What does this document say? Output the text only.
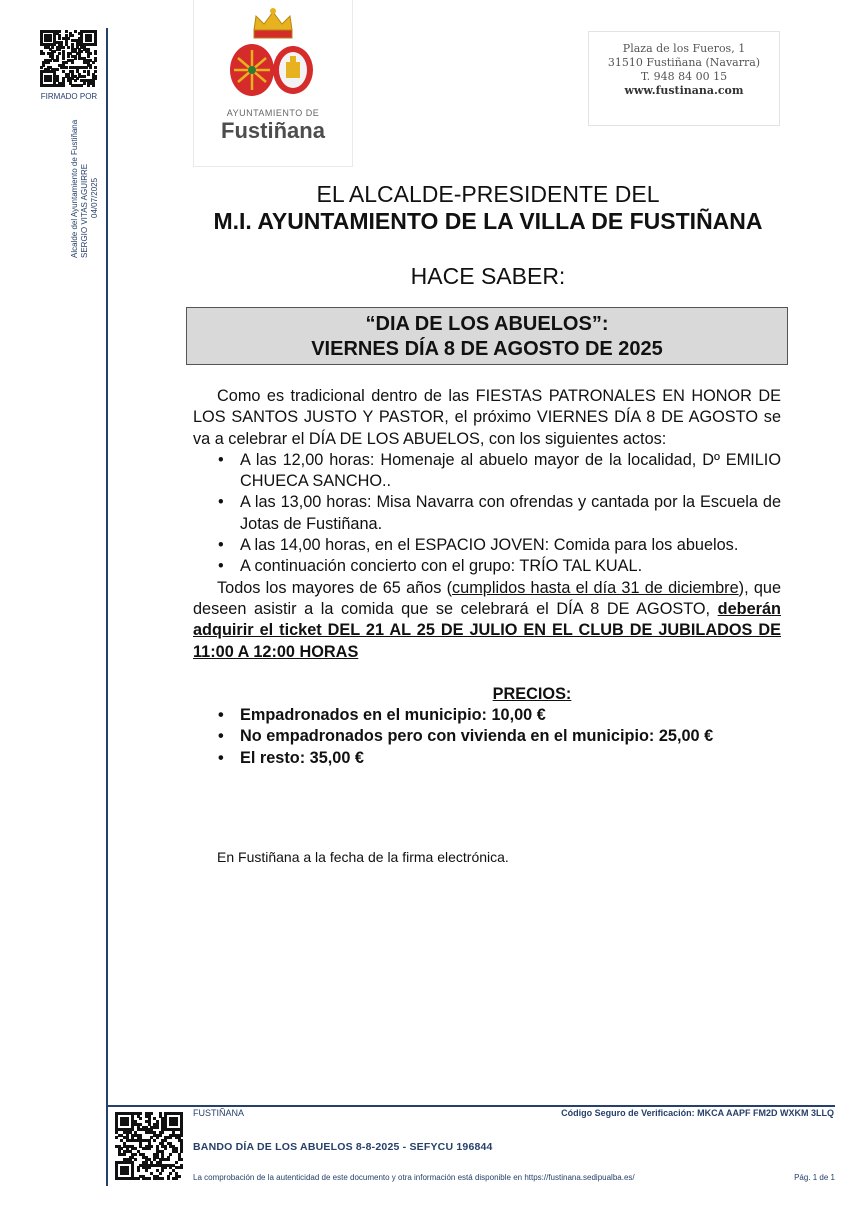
FIRMADO POR
Alcalde del Ayuntamiento de Fustiñana SERGIO VITAS AGUIRRE 04/07/2025
AYUNTAMIENTO DE
Fustiñana
Plaza de los Fueros, 1
31510 Fustiñana (Navarra)
T. 948 84 00 15
www.fustinana.com
EL ALCALDE-PRESIDENTE DEL
M.I. AYUNTAMIENTO DE LA VILLA DE FUSTIÑANA
HACE SABER:
“DIA DE LOS ABUELOS”:
VIERNES DÍA 8 DE AGOSTO DE 2025

Como es tradicional dentro de las FIESTAS PATRONALES EN HONOR DE LOS SANTOS JUSTO Y PASTOR, el próximo VIERNES DÍA 8 DE AGOSTO se va a celebrar el DÍA DE LOS ABUELOS, con los siguientes actos:

• A las 12,00 horas: Homenaje al abuelo mayor de la localidad, Dº EMILIO CHUECA SANCHO..
• A las 13,00 horas: Misa Navarra con ofrendas y cantada por la Escuela de Jotas de Fustiñana.
• A las 14,00 horas, en el ESPACIO JOVEN: Comida para los abuelos.
• A continuación concierto con el grupo: TRÍO TAL KUAL.

Todos los mayores de 65 años (cumplidos hasta el día 31 de diciembre), que deseen asistir a la comida que se celebrará el DÍA 8 DE AGOSTO, deberán adquirir el ticket DEL 21 AL 25 DE JULIO EN EL CLUB DE JUBILADOS DE 11:00 A 12:00 HORAS

PRECIOS:

• Empadronados en el municipio: 10,00 €
• No empadronados pero con vivienda en el municipio: 25,00 €
• El resto: 35,00 €
En Fustiñana a la fecha de la firma electrónica.
FUSTIÑANA	Código Seguro de Verificación: MKCA AAPF FM2D WXKM 3LLQ
BANDO DÍA DE LOS ABUELOS 8-8-2025 - SEFYCU 196844
La comprobación de la autenticidad de este documento y otra información está disponible en https://fustinana.sedipualba.es/	Pág. 1 de 1
